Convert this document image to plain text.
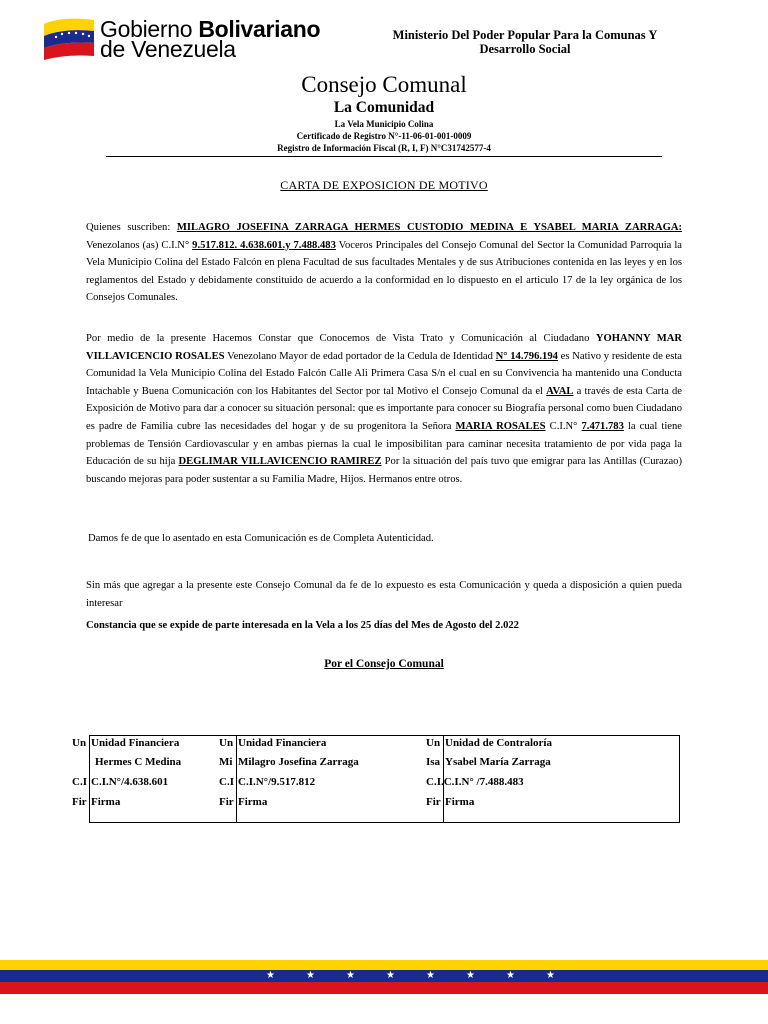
Gobierno Bolivariano
de Venezuela
Ministerio Del Poder Popular Para la Comunas Y Desarrollo Social
Consejo Comunal
La Comunidad
La Vela Municipio Colina
Certificado de Registro N°-11-06-01-001-0009
Registro de Información Fiscal (R, I, F) N°C31742577-4
CARTA DE EXPOSICION DE MOTIVO
Quienes suscriben: MILAGRO JOSEFINA ZARRAGA HERMES CUSTODIO MEDINA E YSABEL MARIA ZARRAGA: Venezolanos (as) C.I.N° 9.517.812. 4.638.601.y 7.488.483 Voceros Principales del Consejo Comunal del Sector la Comunidad Parroquia la Vela Municipio Colina del Estado Falcón en plena Facultad de sus facultades Mentales y de sus Atribuciones contenida en las leyes y en los reglamentos del Estado y debidamente constituido de acuerdo a la conformidad en lo dispuesto en el articulo 17 de la ley orgánica de los Consejos Comunales.
Por medio de la presente Hacemos Constar que Conocemos de Vista Trato y Comunicación al Ciudadano YOHANNY MAR VILLAVICENCIO ROSALES Venezolano Mayor de edad portador de la Cedula de Identidad N° 14.796.194 es Nativo y residente de esta Comunidad la Vela Municipio Colina del Estado Falcón Calle Ali Primera Casa S/n el cual en su Convivencia ha mantenido una Conducta Intachable y Buena Comunicación con los Habitantes del Sector por tal Motivo el Consejo Comunal da el AVAL a través de esta Carta de Exposición de Motivo para dar a conocer su situación personal: que es importante para conocer su Biografía personal como buen Ciudadano es padre de Familia cubre las necesidades del hogar y de su progenitora la Señora MARIA ROSALES C.I.N° 7.471.783 la cual tiene problemas de Tensión Cardiovascular y en ambas piernas la cual le imposibilitan para caminar necesita tratamiento de por vida paga la Educación de su hija DEGLIMAR VILLAVICENCIO RAMIREZ Por la situación del país tuvo que emigrar para las Antillas (Curazao) buscando mejoras para poder sustentar a su Familia Madre, Hijos. Hermanos entre otros.
Damos fe de que lo asentado en esta Comunicación es de Completa Autenticidad.
Sin más que agregar a la presente este Consejo Comunal da fe de lo expuesto es esta Comunicación y queda a disposición a quien pueda interesar
Constancia que se expide de parte interesada en la Vela a los 25 días del Mes de Agosto del 2.022
Por el Consejo Comunal
Un Unidad Financiera	Un Unidad Financiera	Un Unidad de Contraloría
Hermes C Medina	Mi Milagro Josefina Zarraga	Isa Ysabel María Zarraga
C.I C.I.N°/4.638.601	C.I C.I.N°/9.517.812	C.I.C.I.N° /7.488.483
Fir Firma	Fir Firma	Fir Firma
★	★	★	★	★	★	★	★
